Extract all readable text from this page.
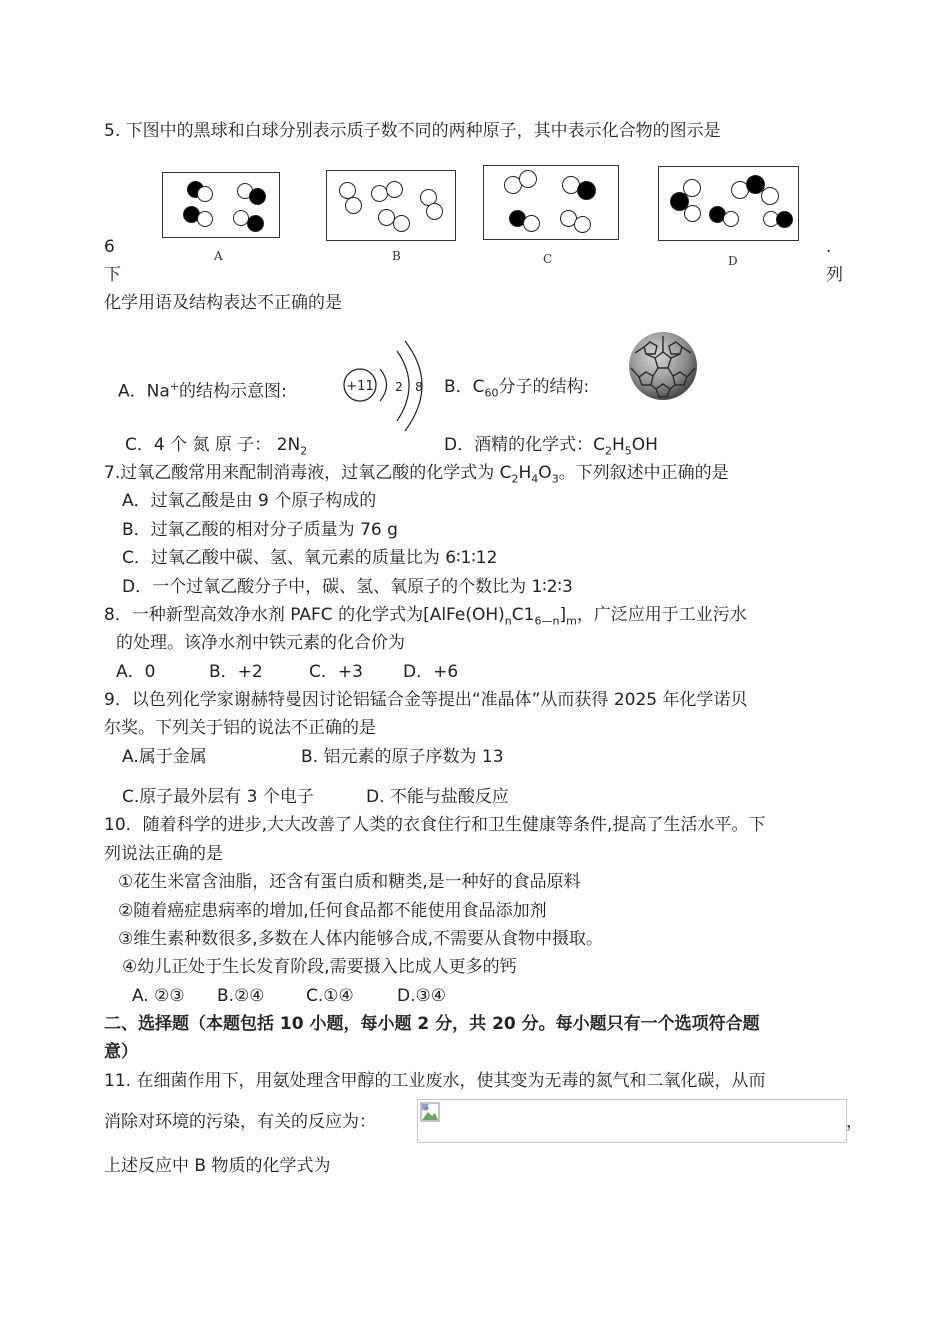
5. 下图中的黑球和白球分别表示质子数不同的两种原子，其中表示化合物的图示是
A	B	C	D
6	.
下	列
化学用语及结构表达不正确的是
A．Na+的结构示意图:	+11 2 8 B．$C_{60}$分子的结构:
C．4 个 氮 原 子： $2N_2$	D．酒精的化学式：$C_2H_5OH$
7.过氧乙酸常用来配制消毒液，过氧乙酸的化学式为 $C_2H_4O_3$。下列叙述中正确的是
A．过氧乙酸是由 9 个原子构成的
B．过氧乙酸的相对分子质量为 76 g
C．过氧乙酸中碳、氢、氧元素的质量比为 6∶1∶12
D．一个过氧乙酸分子中，碳、氢、氧原子的个数比为 1∶2∶3
8．一种新型高效净水剂 PAFC 的化学式为$[AlFe(OH)_nC1_{6—n}]_m$，广泛应用于工业污水
的处理。该净水剂中铁元素的化合价为
A．0	B．+2	C．+3 D．+6
9．以色列化学家谢赫特曼因讨论铝锰合金等提出“准晶体”从而获得 2025 年化学诺贝
尔奖。下列关于铝的说法不正确的是
A.属于金属	B. 铝元素的原子序数为 13
C.原子最外层有 3 个电子	D. 不能与盐酸反应
10．随着科学的进步,大大改善了人类的衣食住行和卫生健康等条件,提高了生活水平。下
列说法正确的是
①花生米富含油脂，还含有蛋白质和糖类,是一种好的食品原料
②随着癌症患病率的增加,任何食品都不能使用食品添加剂
③维生素种数很多,多数在人体内能够合成,不需要从食物中摄取。
④幼儿正处于生长发育阶段,需要摄入比成人更多的钙
A. ②③ B.②④ C.①④	D.③④
二、选择题（本题包括 10 小题，每小题 2 分，共 20 分。每小题只有一个选项符合题
意）
11. 在细菌作用下，用氨处理含甲醇的工业废水，使其变为无毒的氮气和二氧化碳，从而
消除对环境的污染，有关的反应为：	，
上述反应中 B 物质的化学式为
